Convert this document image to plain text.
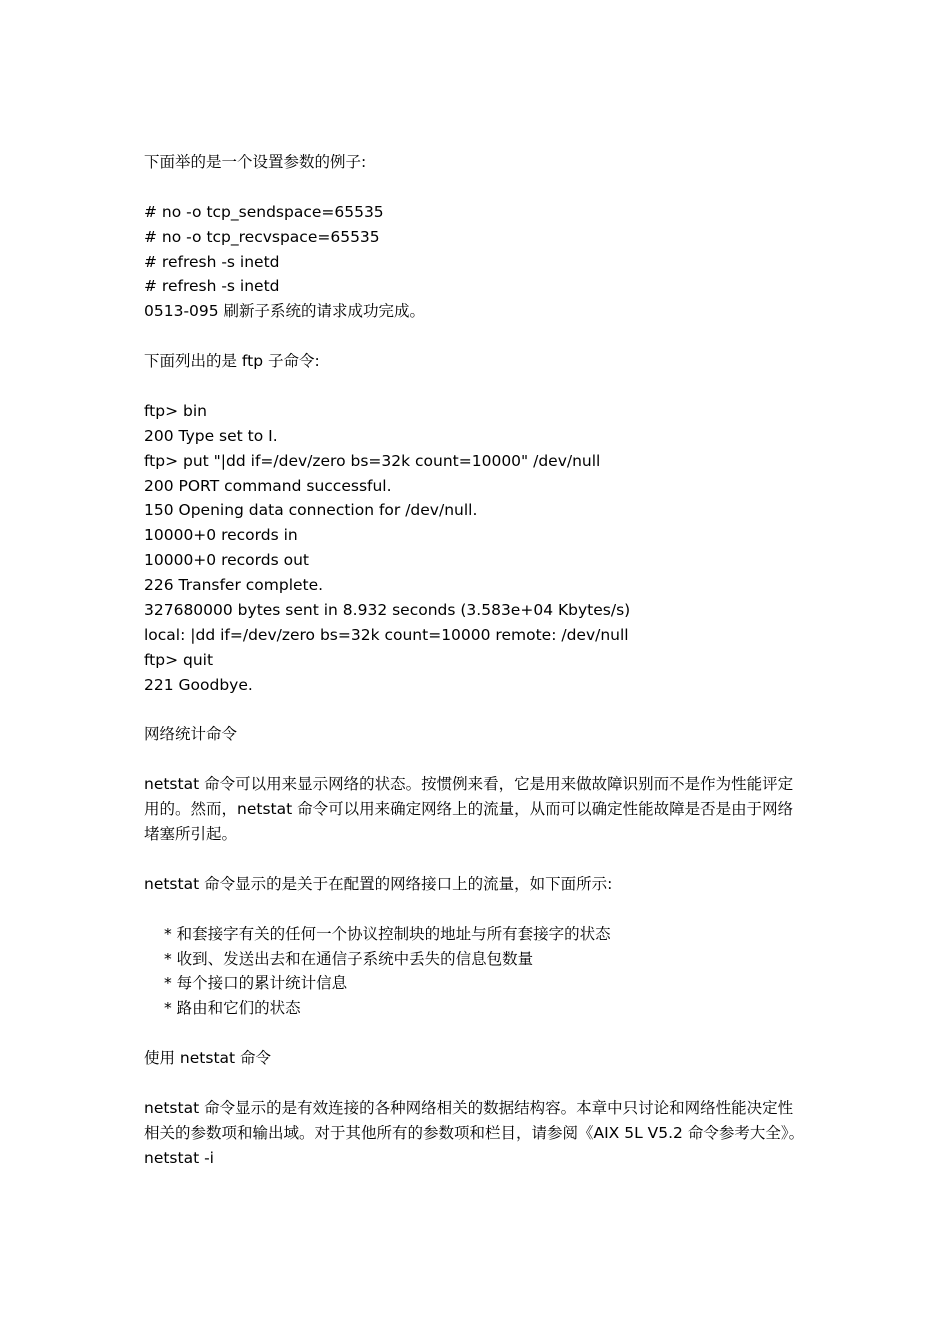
下面举的是一个设置参数的例子:
# no -o tcp_sendspace=65535
# no -o tcp_recvspace=65535
# refresh -s inetd
# refresh -s inetd
0513-095 刷新子系统的请求成功完成。
下面列出的是 ftp 子命令:
ftp> bin
200 Type set to I.
ftp> put "|dd if=/dev/zero bs=32k count=10000" /dev/null
200 PORT command successful.
150 Opening data connection for /dev/null.
10000+0 records in
10000+0 records out
226 Transfer complete.
327680000 bytes sent in 8.932 seconds (3.583e+04 Kbytes/s)
local: |dd if=/dev/zero bs=32k count=10000 remote: /dev/null
ftp> quit
221 Goodbye.
网络统计命令
netstat 命令可以用来显示网络的状态。按惯例来看，它是用来做故障识别而不是作为性能评定用的。然而，netstat 命令可以用来确定网络上的流量，从而可以确定性能故障是否是由于网络堵塞所引起。
netstat 命令显示的是关于在配置的网络接口上的流量，如下面所示:
* 和套接字有关的任何一个协议控制块的地址与所有套接字的状态
* 收到、发送出去和在通信子系统中丢失的信息包数量
* 每个接口的累计统计信息
* 路由和它们的状态
使用 netstat 命令
netstat 命令显示的是有效连接的各种网络相关的数据结构容。本章中只讨论和网络性能决定性相关的参数项和输出域。对于其他所有的参数项和栏目，请参阅《AIX 5L V5.2 命令参考大全》。
netstat -i
